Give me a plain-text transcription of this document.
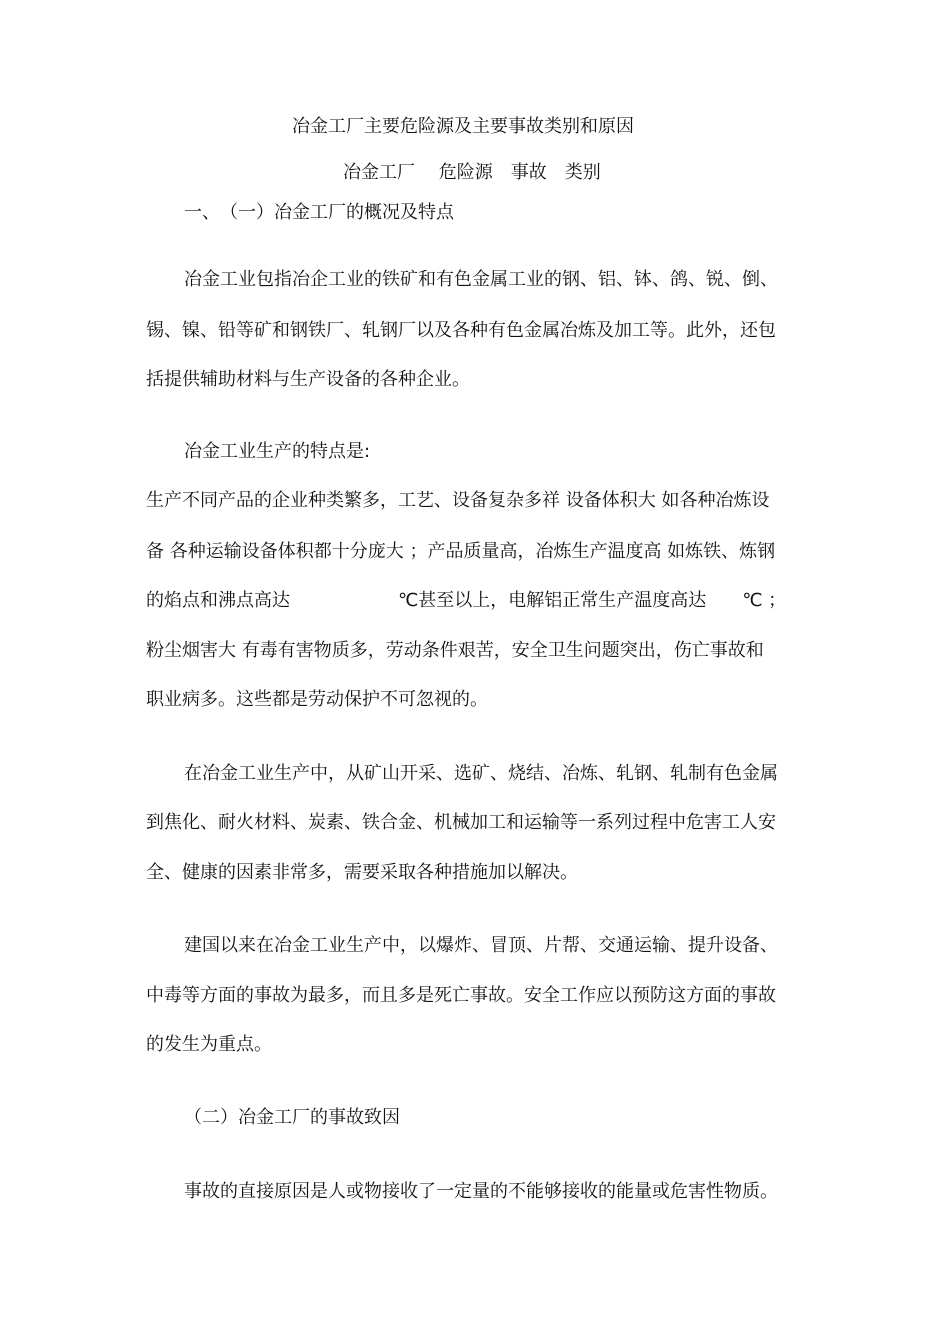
冶金工厂主要危险源及主要事故类别和原因
冶金工厂　 危险源　事故　类别
一、　（一）冶金工厂的概况及特点
冶金工业包指冶企工业的铁矿和有色金属工业的钢、铝、钵、鸽、锐、倒、
锡、镍、铅等矿和钢铁厂、轧钢厂以及各种有色金属冶炼及加工等。此外，还包
括提供辅助材料与生产设备的各种企业。
冶金工业生产的特点是:
生产不同产品的企业种类繁多，工艺、设备复杂多祥 设备体积大 如各种冶炼设
备 各种运输设备体积都十分庞大 ；产品质量高，冶炼生产温度高 如炼铁、炼钢
的焰点和沸点高达　　　　　　℃甚至以上，电解铝正常生产温度高达　　℃ ；
粉尘烟害大 有毒有害物质多，劳动条件艰苦，安全卫生问题突出，伤亡事故和
职业病多。这些都是劳动保护不可忽视的。
在冶金工业生产中，从矿山开采、选矿、烧结、冶炼、轧钢、轧制有色金属
到焦化、耐火材料、炭素、铁合金、机械加工和运输等一系列过程中危害工人安
全、健康的因素非常多，需要采取各种措施加以解决。
建国以来在冶金工业生产中，以爆炸、冒顶、片帮、交通运输、提升设备、
中毒等方面的事故为最多，而且多是死亡事故。安全工作应以预防这方面的事故
的发生为重点。
（二）冶金工厂的事故致因
事故的直接原因是人或物接收了一定量的不能够接收的能量或危害性物质。
